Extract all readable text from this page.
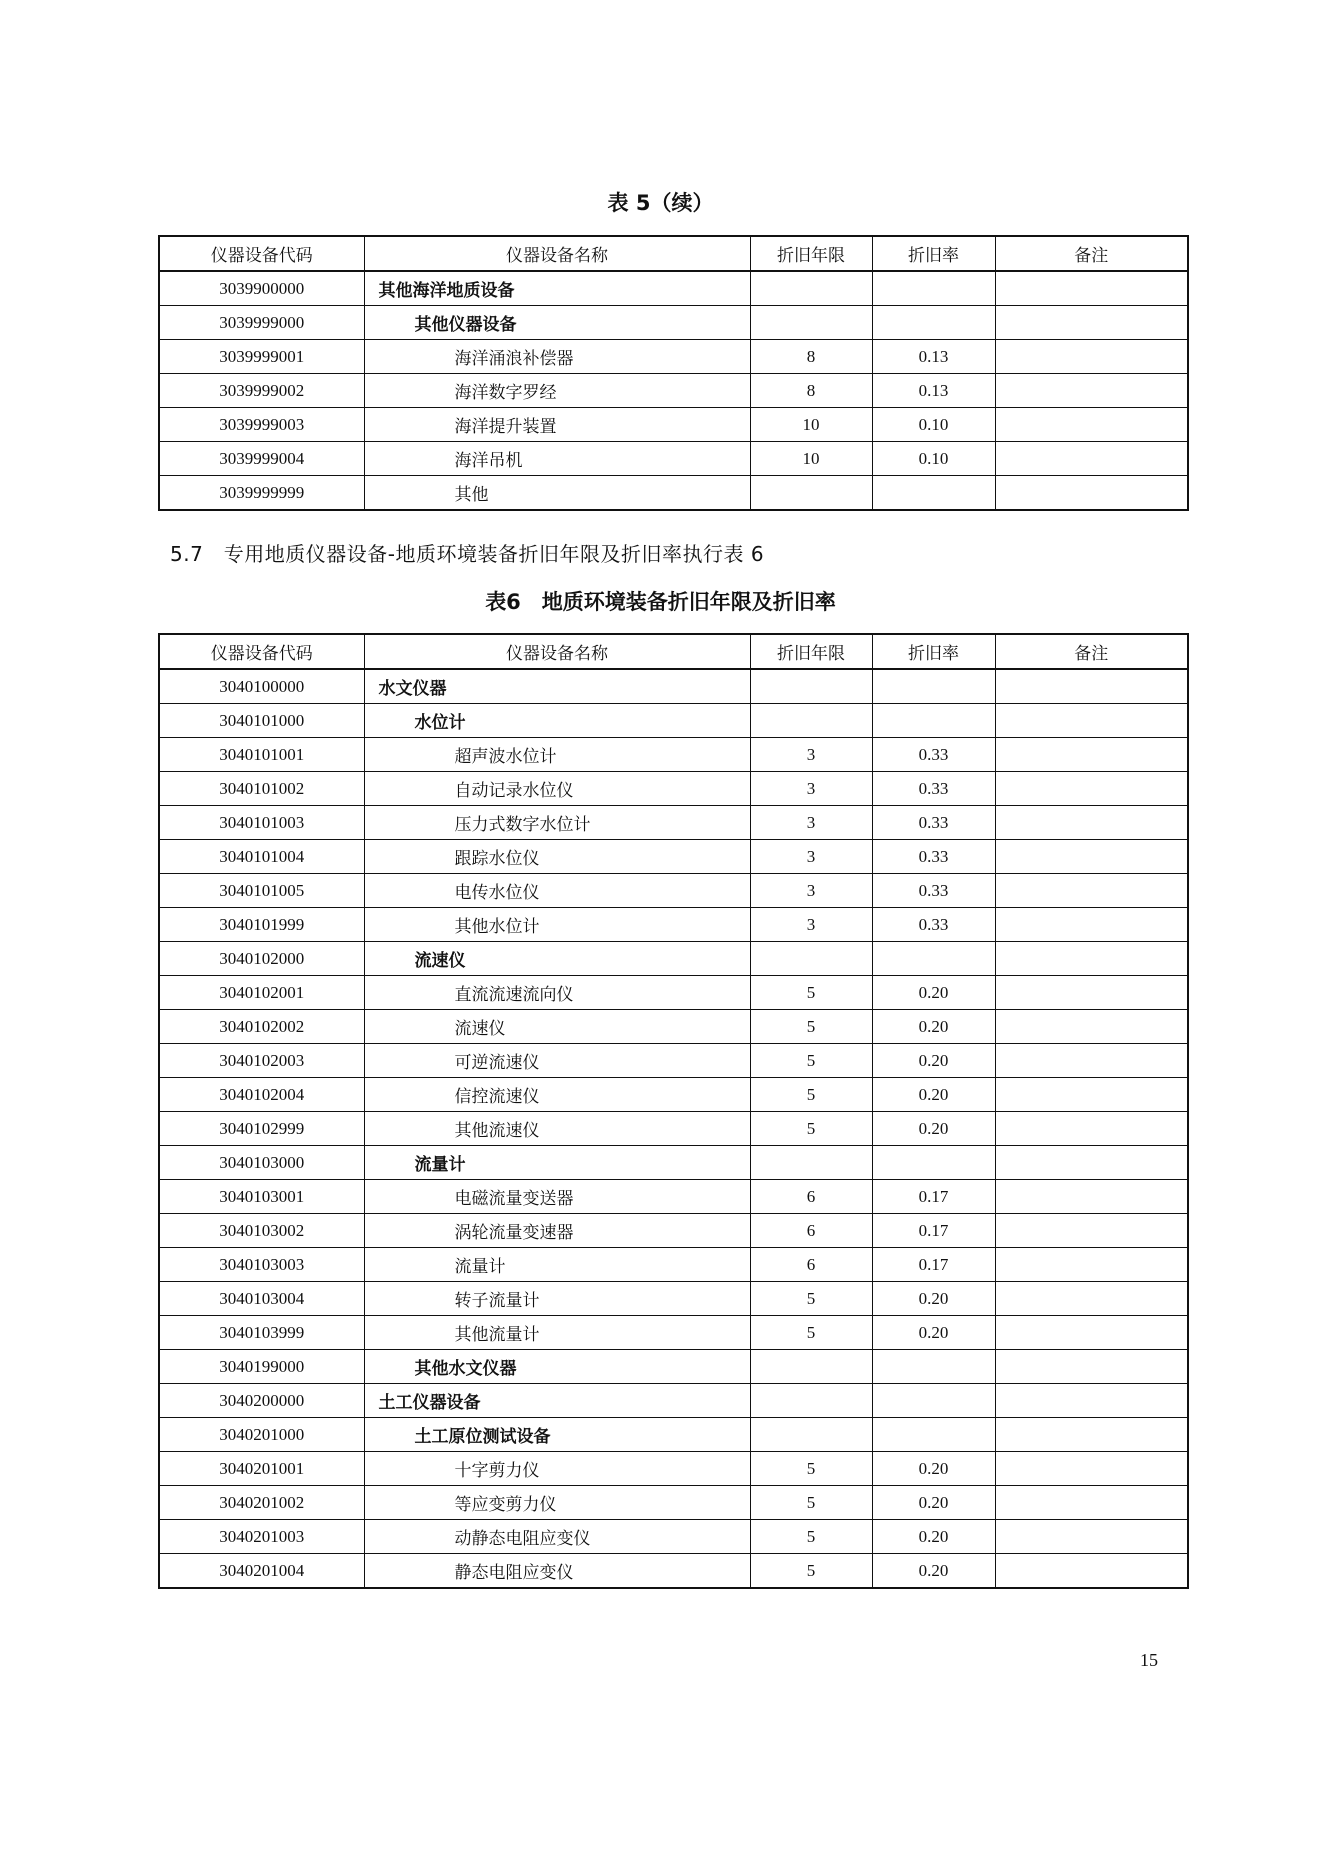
表 5（续）
仪器设备代码	仪器设备名称	折旧年限	折旧率	备注
3039900000	其他海洋地质设备			
3039999000	其他仪器设备			
3039999001	海洋涌浪补偿器	8	0.13	
3039999002	海洋数字罗经	8	0.13	
3039999003	海洋提升装置	10	0.10	
3039999004	海洋吊机	10	0.10	
3039999999	其他			
5.7　专用地质仪器设备-地质环境装备折旧年限及折旧率执行表 6
表6　地质环境装备折旧年限及折旧率
仪器设备代码	仪器设备名称	折旧年限	折旧率	备注
3040100000	水文仪器			
3040101000	水位计			
3040101001	超声波水位计	3	0.33	
3040101002	自动记录水位仪	3	0.33	
3040101003	压力式数字水位计	3	0.33	
3040101004	跟踪水位仪	3	0.33	
3040101005	电传水位仪	3	0.33	
3040101999	其他水位计	3	0.33	
3040102000	流速仪			
3040102001	直流流速流向仪	5	0.20	
3040102002	流速仪	5	0.20	
3040102003	可逆流速仪	5	0.20	
3040102004	信控流速仪	5	0.20	
3040102999	其他流速仪	5	0.20	
3040103000	流量计			
3040103001	电磁流量变送器	6	0.17	
3040103002	涡轮流量变速器	6	0.17	
3040103003	流量计	6	0.17	
3040103004	转子流量计	5	0.20	
3040103999	其他流量计	5	0.20	
3040199000	其他水文仪器			
3040200000	土工仪器设备			
3040201000	土工原位测试设备			
3040201001	十字剪力仪	5	0.20	
3040201002	等应变剪力仪	5	0.20	
3040201003	动静态电阻应变仪	5	0.20	
3040201004	静态电阻应变仪	5	0.20	
15
